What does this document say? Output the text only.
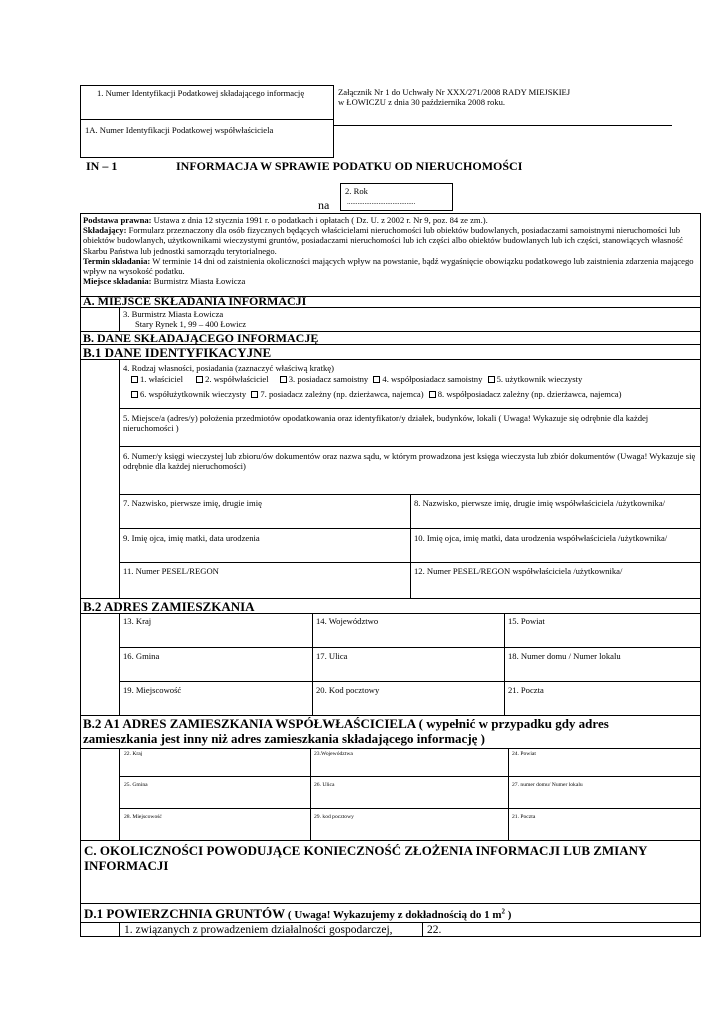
1. Numer Identyfikacji Podatkowej składającego informację
1A. Numer Identyfikacji Podatkowej współwłaściciela
Załącznik Nr 1 do Uchwały Nr XXX/271/2008 RADY MIEJSKIEJ
w ŁOWICZU z dnia 30 października 2008 roku.
IN – 1	INFORMACJA W SPRAWIE PODATKU OD NIERUCHOMOŚCI
na
2. Rok
.......................................
Podstawa prawna: Ustawa z dnia 12 stycznia 1991 r. o podatkach i opłatach ( Dz. U. z 2002 r. Nr 9, poz. 84 ze zm.).
Składający: Formularz przeznaczony dla osób fizycznych będących właścicielami nieruchomości lub obiektów budowlanych, posiadaczami samoistnymi nieruchomości lub obiektów budowlanych, użytkownikami wieczystymi gruntów, posiadaczami nieruchomości lub ich części albo obiektów budowlanych lub ich części, stanowiących własność Skarbu Państwa lub jednostki samorządu terytorialnego.
Termin składania: W terminie 14 dni od zaistnienia okoliczności mających wpływ na powstanie, bądź wygaśnięcie obowiązku podatkowego lub zaistnienia zdarzenia mającego wpływ na wysokość podatku.
Miejsce składania: Burmistrz Miasta Łowicza
A. MIEJSCE SKŁADANIA INFORMACJI
3. Burmistrz Miasta Łowicza
Stary Rynek 1, 99 – 400 Łowicz
B. DANE SKŁADAJĄCEGO INFORMACJĘ
B.1 DANE IDENTYFIKACYJNE
4. Rodzaj własności, posiadania (zaznaczyć właściwą kratkę)
1. właściciel	2. współwłaściciel 3. posiadacz samoistny 4. współposiadacz samoistny 5. użytkownik wieczysty
6. współużytkownik wieczysty 7. posiadacz zależny (np. dzierżawca, najemca) 8. współposiadacz zależny (np. dzierżawca, najemca)
5. Miejsce/a (adres/y) położenia przedmiotów opodatkowania oraz identyfikator/y działek, budynków, lokali ( Uwaga! Wykazuje się odrębnie dla każdej nieruchomości )
6. Numer/y księgi wieczystej lub zbioru/ów dokumentów oraz nazwa sądu, w którym prowadzona jest księga wieczysta lub zbiór dokumentów (Uwaga! Wykazuje się odrębnie dla każdej nieruchomości)
7. Nazwisko, pierwsze imię, drugie imię	8. Nazwisko, pierwsze imię, drugie imię współwłaściciela /użytkownika/
9. Imię ojca, imię matki, data urodzenia	10. Imię ojca, imię matki, data urodzenia współwłaściciela /użytkownika/
11. Numer PESEL/REGON	12. Numer PESEL/REGON współwłaściciela /użytkownika/
B.2 ADRES ZAMIESZKANIA
13. Kraj	14. Województwo	15. Powiat
16. Gmina	17. Ulica	18. Numer domu / Numer lokalu
19. Miejscowość	20. Kod pocztowy	21. Poczta
B.2 A1 ADRES ZAMIESZKANIA WSPÓŁWŁAŚCICIELA ( wypełnić w przypadku gdy adres
zamieszkania jest inny niż adres zamieszkania składającego informację )
22. Kraj	23.Województwa	24. Powiat
25. Gmina	26. Ulica	27. numer domu/ Numer lokalu
28. Miejscowość	29. kod pocztowy	21. Poczta
C. OKOLICZNOŚCI POWODUJĄCE KONIECZNOŚĆ ZŁOŻENIA INFORMACJI LUB ZMIANY
INFORMACJI
D.1 POWIERZCHNIA GRUNTÓW ( Uwaga! Wykazujemy z dokładnością do 1 $m^2$ )
1. związanych z prowadzeniem działalności gospodarczej,	22.
